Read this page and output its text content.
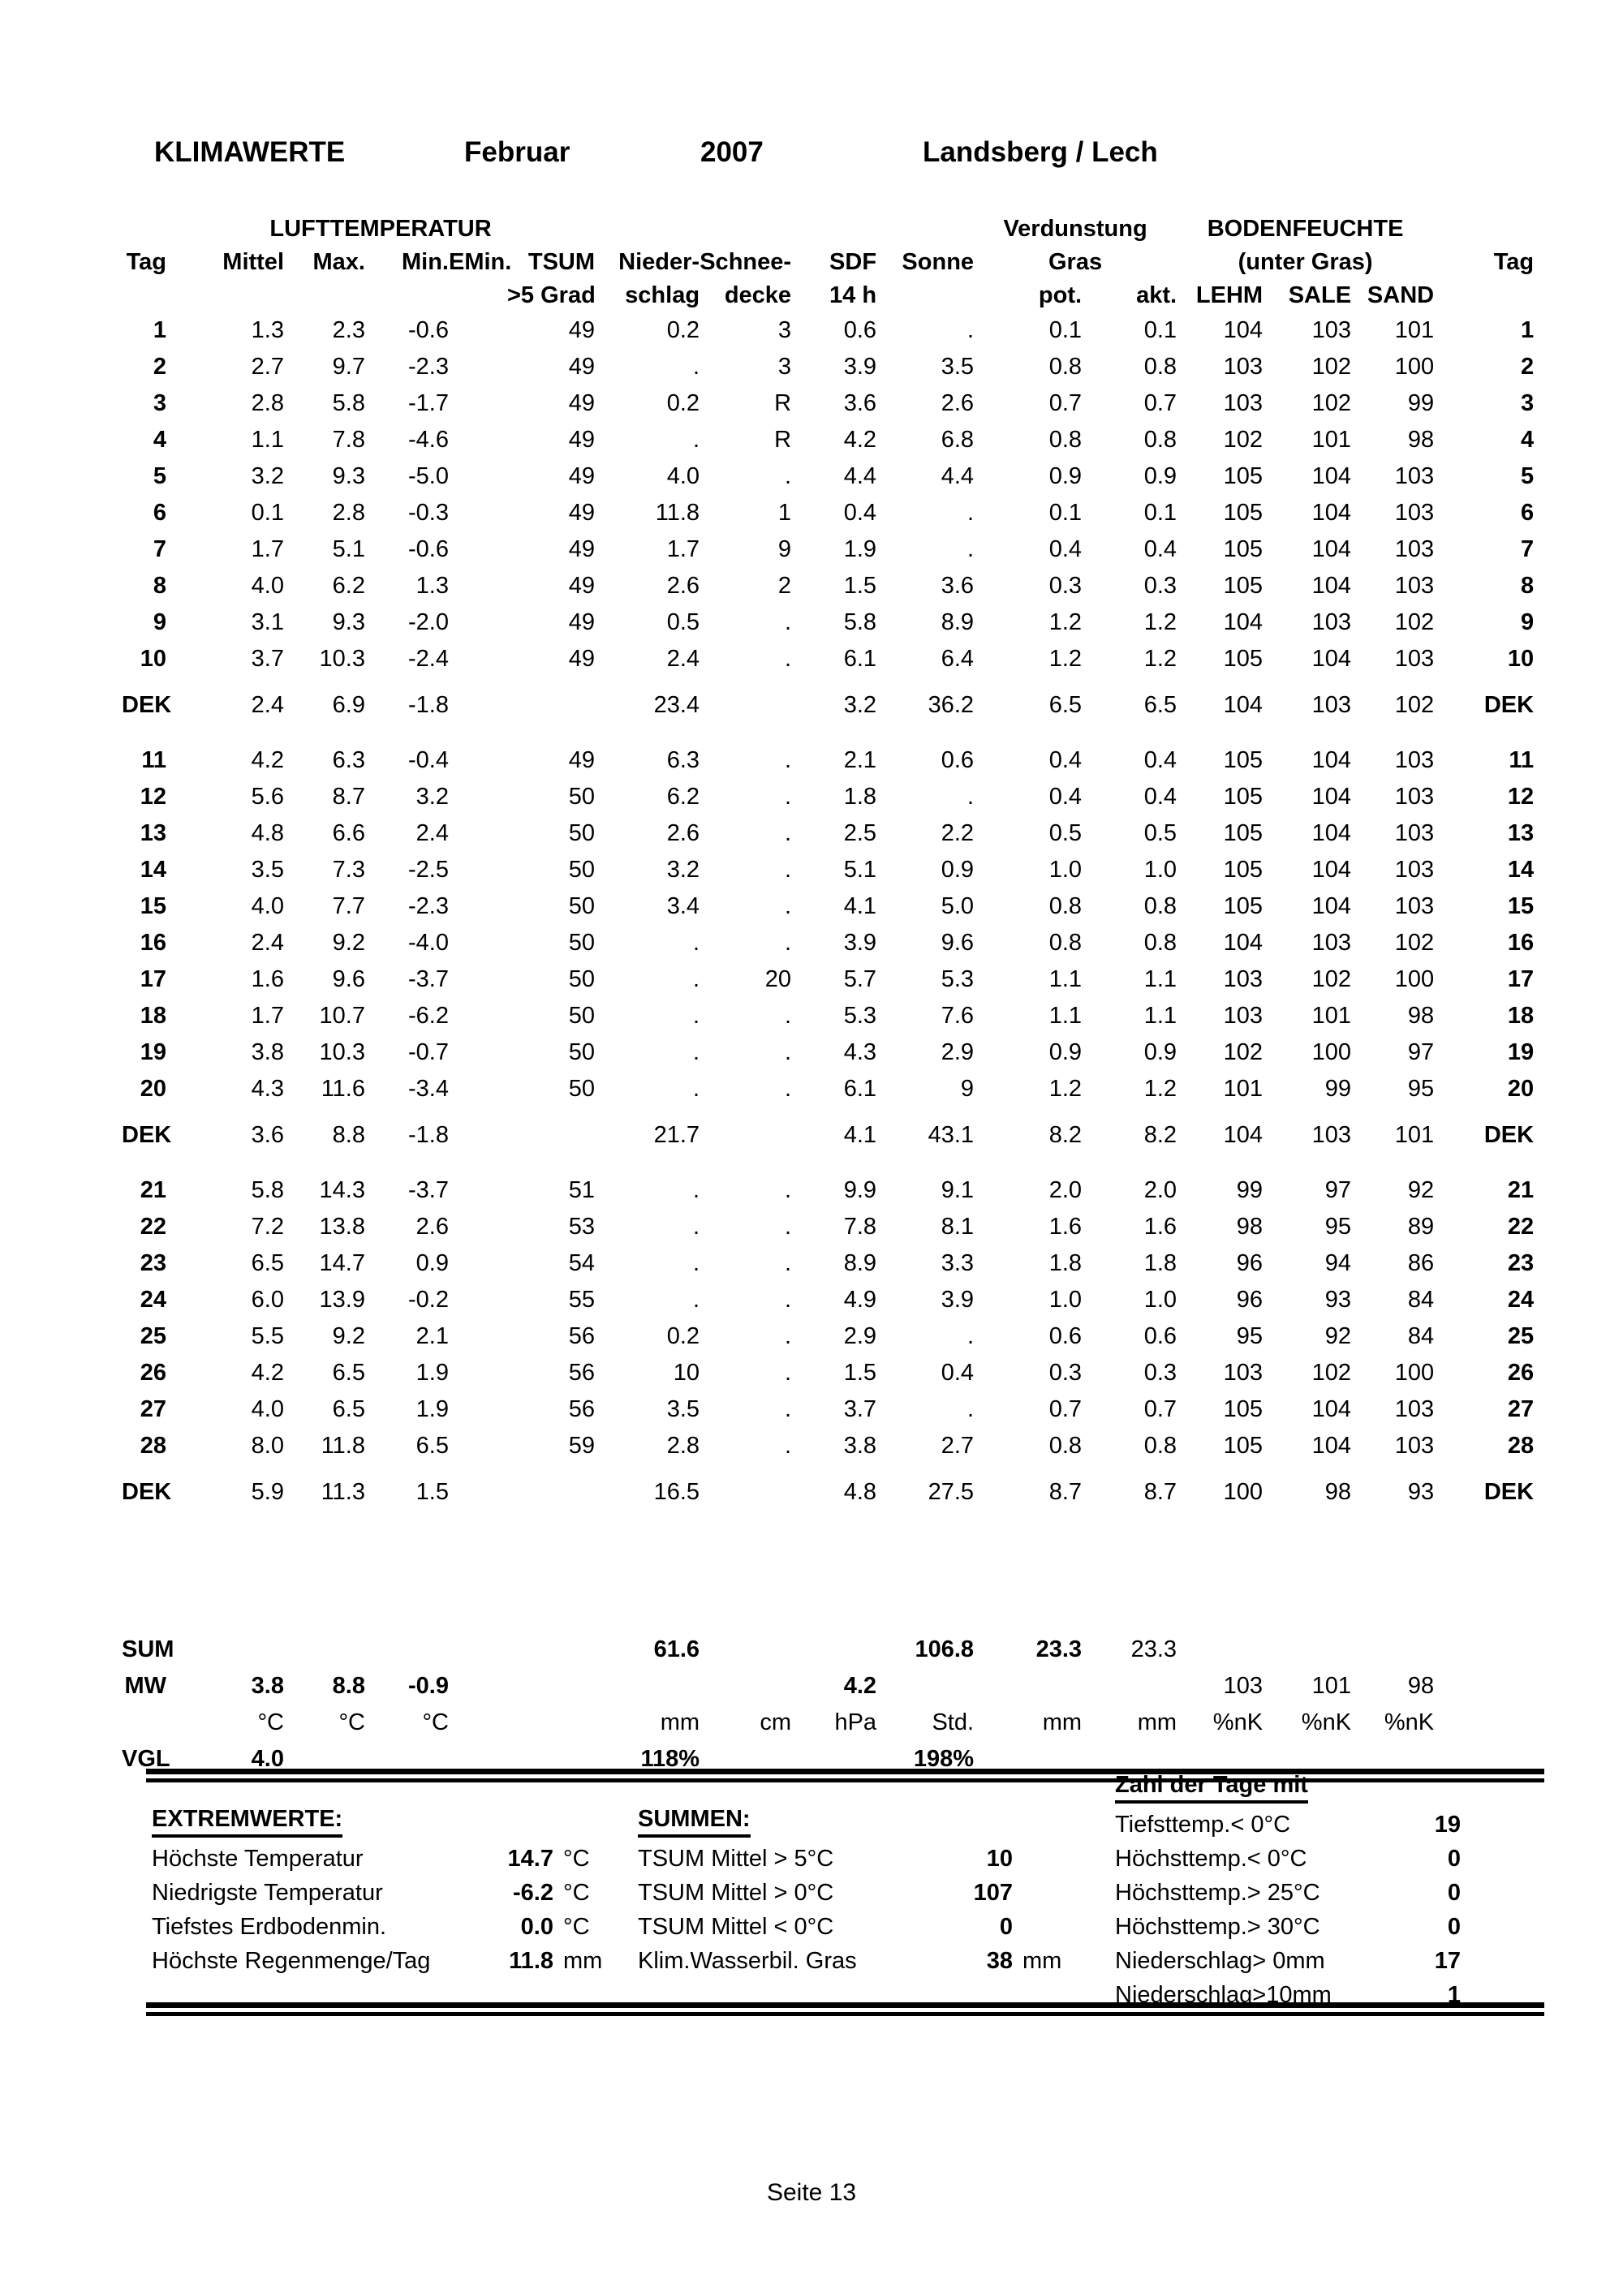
KLIMAWERTE	Februar	2007	Landsberg / Lech
	LUFTTEMPERATUR									Verdunstung		BODENFEUCHTE			
Tag	Mittel	Max.	Min.	EMin.	TSUM	Nieder-	Schnee-	SDF	Sonne	Gras		(unter Gras)			Tag
					>5 Grad	schlag	decke	14 h		pot.	akt.	LEHM	SALE	SAND	
1	1.3	2.3	-0.6		49	0.2	3	0.6	.	0.1	0.1	104	103	101	1
2	2.7	9.7	-2.3		49	.	3	3.9	3.5	0.8	0.8	103	102	100	2
3	2.8	5.8	-1.7		49	0.2	R	3.6	2.6	0.7	0.7	103	102	99	3
4	1.1	7.8	-4.6		49	.	R	4.2	6.8	0.8	0.8	102	101	98	4
5	3.2	9.3	-5.0		49	4.0	.	4.4	4.4	0.9	0.9	105	104	103	5
6	0.1	2.8	-0.3		49	11.8	1	0.4	.	0.1	0.1	105	104	103	6
7	1.7	5.1	-0.6		49	1.7	9	1.9	.	0.4	0.4	105	104	103	7
8	4.0	6.2	1.3		49	2.6	2	1.5	3.6	0.3	0.3	105	104	103	8
9	3.1	9.3	-2.0		49	0.5	.	5.8	8.9	1.2	1.2	104	103	102	9
10	3.7	10.3	-2.4		49	2.4	.	6.1	6.4	1.2	1.2	105	104	103	10

DEK	2.4	6.9	-1.8			23.4		3.2	36.2	6.5	6.5	104	103	102	DEK

11	4.2	6.3	-0.4		49	6.3	.	2.1	0.6	0.4	0.4	105	104	103	11
12	5.6	8.7	3.2		50	6.2	.	1.8	.	0.4	0.4	105	104	103	12
13	4.8	6.6	2.4		50	2.6	.	2.5	2.2	0.5	0.5	105	104	103	13
14	3.5	7.3	-2.5		50	3.2	.	5.1	0.9	1.0	1.0	105	104	103	14
15	4.0	7.7	-2.3		50	3.4	.	4.1	5.0	0.8	0.8	105	104	103	15
16	2.4	9.2	-4.0		50	.	.	3.9	9.6	0.8	0.8	104	103	102	16
17	1.6	9.6	-3.7		50	.	20	5.7	5.3	1.1	1.1	103	102	100	17
18	1.7	10.7	-6.2		50	.	.	5.3	7.6	1.1	1.1	103	101	98	18
19	3.8	10.3	-0.7		50	.	.	4.3	2.9	0.9	0.9	102	100	97	19
20	4.3	11.6	-3.4		50	.	.	6.1	9	1.2	1.2	101	99	95	20

DEK	3.6	8.8	-1.8			21.7		4.1	43.1	8.2	8.2	104	103	101	DEK

21	5.8	14.3	-3.7		51	.	.	9.9	9.1	2.0	2.0	99	97	92	21
22	7.2	13.8	2.6		53	.	.	7.8	8.1	1.6	1.6	98	95	89	22
23	6.5	14.7	0.9		54	.	.	8.9	3.3	1.8	1.8	96	94	86	23
24	6.0	13.9	-0.2		55	.	.	4.9	3.9	1.0	1.0	96	93	84	24
25	5.5	9.2	2.1		56	0.2	.	2.9	.	0.6	0.6	95	92	84	25
26	4.2	6.5	1.9		56	10	.	1.5	0.4	0.3	0.3	103	102	100	26
27	4.0	6.5	1.9		56	3.5	.	3.7	.	0.7	0.7	105	104	103	27
28	8.0	11.8	6.5		59	2.8	.	3.8	2.7	0.8	0.8	105	104	103	28

DEK	5.9	11.3	1.5			16.5		4.8	27.5	8.7	8.7	100	98	93	DEK

SUM						61.6			106.8	23.3	23.3				
MW	3.8	8.8	-0.9					4.2				103	101	98	
	°C	°C	°C			mm	cm	hPa	Std.	mm	mm	%nK	%nK	%nK	
VGL	4.0					118%			198%						
EXTREMWERTE:
Höchste Temperatur	14.7 °C
Niedrigste Temperatur	-6.2 °C
Tiefstes Erdbodenmin.	0.0 °C
Höchste Regenmenge/Tag	11.8 mm
SUMMEN:
TSUM Mittel > 5°C	10
TSUM Mittel > 0°C	107
TSUM Mittel < 0°C	0
Klim.Wasserbil. Gras	38 mm
Zahl der Tage mit
Tiefsttemp.< 0°C	19
Höchsttemp.< 0°C	0
Höchsttemp.> 25°C	0
Höchsttemp.> 30°C	0
Niederschlag> 0mm	17
Niederschlag>10mm	1
Seite 13
